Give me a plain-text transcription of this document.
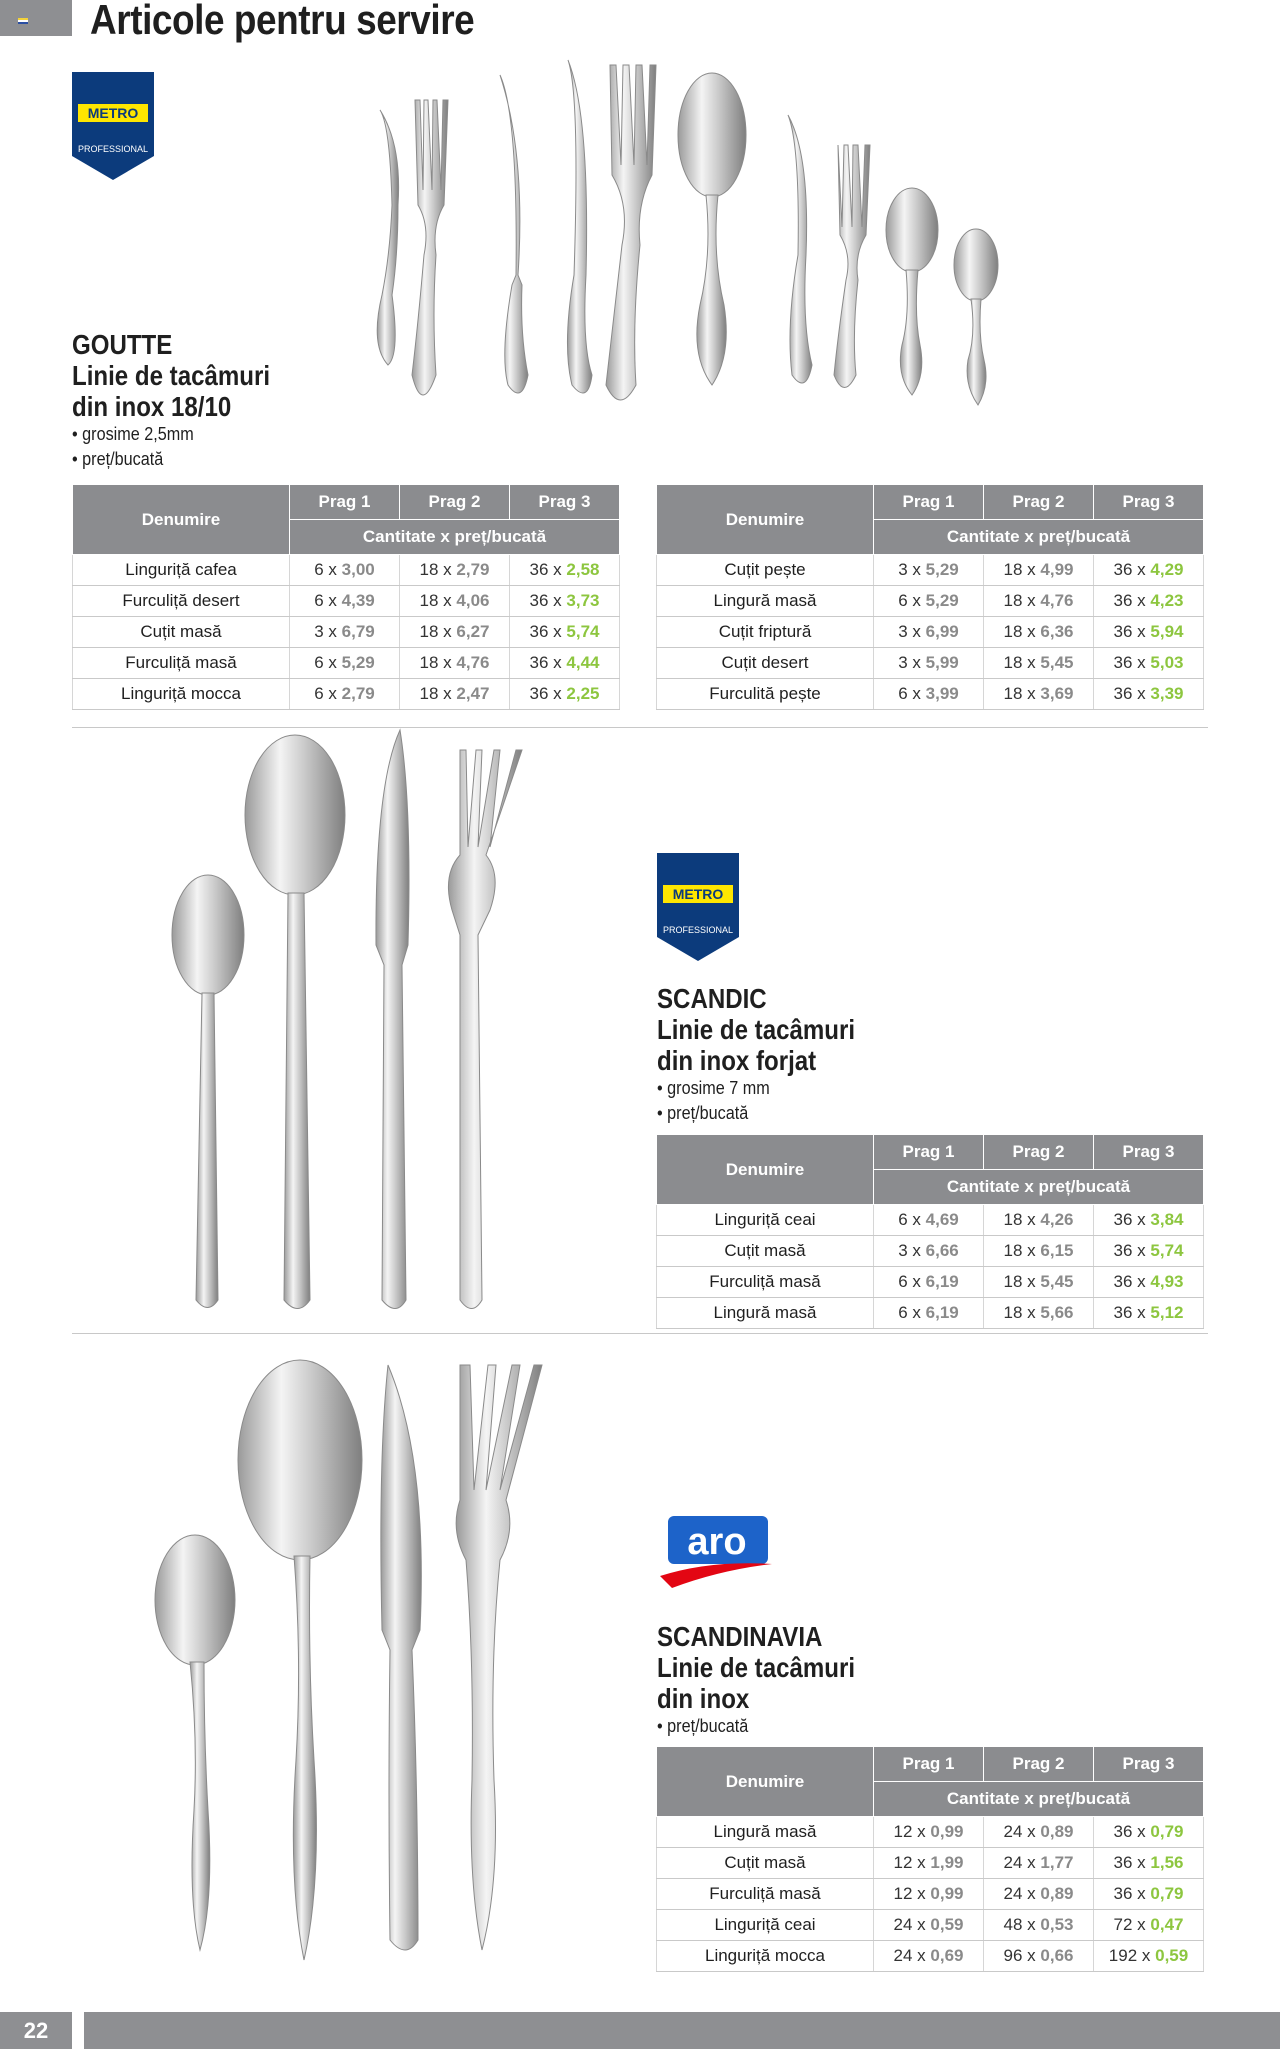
Articole pentru servire
METRO
PROFESSIONAL
GOUTTE
Linie de tacâmuri
din inox 18/10
• grosime 2,5mm
• preț/bucată
Denumire	Prag 1	Prag 2	Prag 3
	Cantitate x preț/bucată		
Linguriță cafea	6 x 3,00	18 x 2,79	36 x 2,58
Furculiță desert	6 x 4,39	18 x 4,06	36 x 3,73
Cuțit masă	3 x 6,79	18 x 6,27	36 x 5,74
Furculiță masă	6 x 5,29	18 x 4,76	36 x 4,44
Linguriță mocca	6 x 2,79	18 x 2,47	36 x 2,25
Denumire	Prag 1	Prag 2	Prag 3
	Cantitate x preț/bucată		
Cuțit pește	3 x 5,29	18 x 4,99	36 x 4,29
Lingură masă	6 x 5,29	18 x 4,76	36 x 4,23
Cuțit friptură	3 x 6,99	18 x 6,36	36 x 5,94
Cuțit desert	3 x 5,99	18 x 5,45	36 x 5,03
Furculită pește	6 x 3,99	18 x 3,69	36 x 3,39
METRO
PROFESSIONAL
SCANDIC
Linie de tacâmuri
din inox forjat
• grosime 7 mm
• preț/bucată
Denumire	Prag 1	Prag 2	Prag 3
	Cantitate x preț/bucată		
Linguriță ceai	6 x 4,69	18 x 4,26	36 x 3,84
Cuțit masă	3 x 6,66	18 x 6,15	36 x 5,74
Furculiță masă	6 x 6,19	18 x 5,45	36 x 4,93
Lingură masă	6 x 6,19	18 x 5,66	36 x 5,12
aro
SCANDINAVIA
Linie de tacâmuri
din inox
• preț/bucată
Denumire	Prag 1	Prag 2	Prag 3
	Cantitate x preț/bucată		
Lingură masă	12 x 0,99	24 x 0,89	36 x 0,79
Cuțit masă	12 x 1,99	24 x 1,77	36 x 1,56
Furculiță masă	12 x 0,99	24 x 0,89	36 x 0,79
Linguriță ceai	24 x 0,59	48 x 0,53	72 x 0,47
Linguriță mocca	24 x 0,69	96 x 0,66	192 x 0,59
22
